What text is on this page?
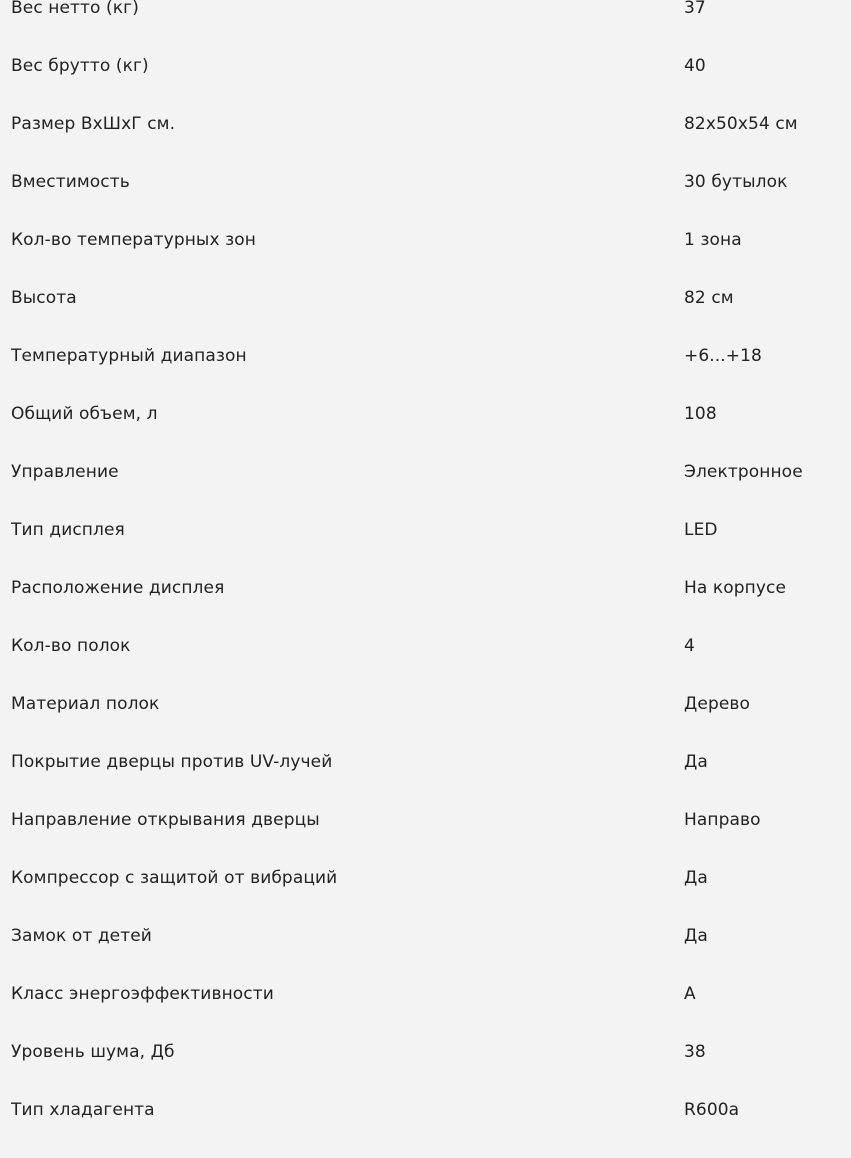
Вес нетто (кг)	37
Вес брутто (кг)	40
Размер ВхШхГ см.	82х50х54 см
Вместимость	30 бутылок
Кол-во температурных зон	1 зона
Высота	82 см
Температурный диапазон	+6...+18
Общий объем, л	108
Управление	Электронное
Тип дисплея	LED
Расположение дисплея	На корпусе
Кол-во полок	4
Материал полок	Дерево
Покрытие дверцы против UV-лучей	Да
Направление открывания дверцы	Направо
Компрессор с защитой от вибраций	Да
Замок от детей	Да
Класс энергоэффективности	А
Уровень шума, Дб	38
Тип хладагента	R600a
